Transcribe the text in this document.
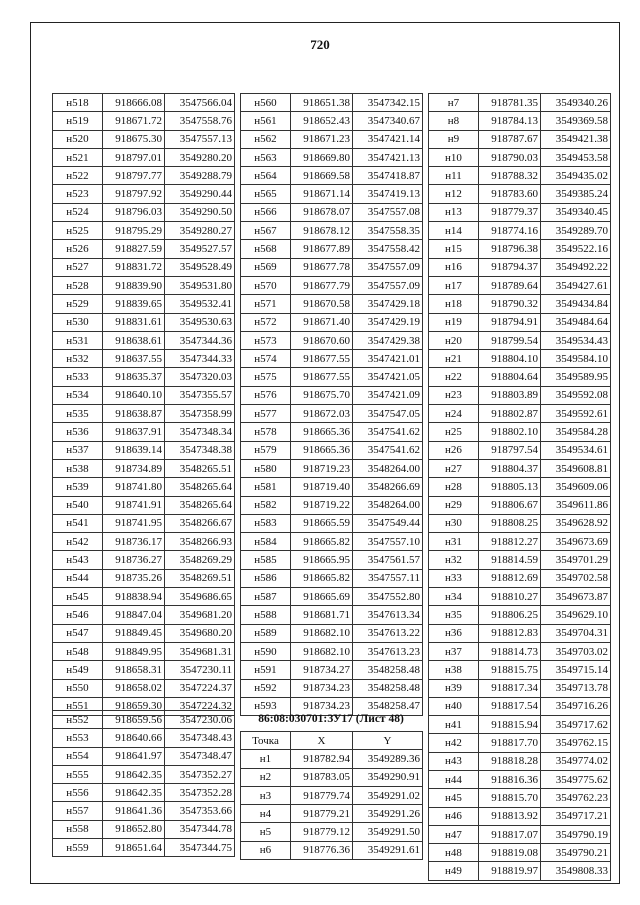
720
н518	918666.08	3547566.04
н519	918671.72	3547558.76
н520	918675.30	3547557.13
н521	918797.01	3549280.20
н522	918797.77	3549288.79
н523	918797.92	3549290.44
н524	918796.03	3549290.50
н525	918795.29	3549280.27
н526	918827.59	3549527.57
н527	918831.72	3549528.49
н528	918839.90	3549531.80
н529	918839.65	3549532.41
н530	918831.61	3549530.63
н531	918638.61	3547344.36
н532	918637.55	3547344.33
н533	918635.37	3547320.03
н534	918640.10	3547355.57
н535	918638.87	3547358.99
н536	918637.91	3547348.34
н537	918639.14	3547348.38
н538	918734.89	3548265.51
н539	918741.80	3548265.64
н540	918741.91	3548265.64
н541	918741.95	3548266.67
н542	918736.17	3548266.93
н543	918736.27	3548269.29
н544	918735.26	3548269.51
н545	918838.94	3549686.65
н546	918847.04	3549681.20
н547	918849.45	3549680.20
н548	918849.95	3549681.31
н549	918658.31	3547230.11
н550	918658.02	3547224.37
н551	918659.30	3547224.32
н552	918659.56	3547230.06
н553	918640.66	3547348.43
н554	918641.97	3547348.47
н555	918642.35	3547352.27
н556	918642.35	3547352.28
н557	918641.36	3547353.66
н558	918652.80	3547344.78
н559	918651.64	3547344.75
н560	918651.38	3547342.15
н561	918652.43	3547340.67
н562	918671.23	3547421.14
н563	918669.80	3547421.13
н564	918669.58	3547418.87
н565	918671.14	3547419.13
н566	918678.07	3547557.08
н567	918678.12	3547558.35
н568	918677.89	3547558.42
н569	918677.78	3547557.09
н570	918677.79	3547557.09
н571	918670.58	3547429.18
н572	918671.40	3547429.19
н573	918670.60	3547429.38
н574	918677.55	3547421.01
н575	918677.55	3547421.05
н576	918675.70	3547421.09
н577	918672.03	3547547.05
н578	918665.36	3547541.62
н579	918665.36	3547541.62
н580	918719.23	3548264.00
н581	918719.40	3548266.69
н582	918719.22	3548264.00
н583	918665.59	3547549.44
н584	918665.82	3547557.10
н585	918665.95	3547561.57
н586	918665.82	3547557.11
н587	918665.69	3547552.80
н588	918681.71	3547613.34
н589	918682.10	3547613.22
н590	918682.10	3547613.23
н591	918734.27	3548258.48
н592	918734.23	3548258.48
н593	918734.23	3548258.47
86:08:030701:ЗУ17 (Лист 48)
Точка	X	Y
н1	918782.94	3549289.36
н2	918783.05	3549290.91
н3	918779.74	3549291.02
н4	918779.21	3549291.26
н5	918779.12	3549291.50
н6	918776.36	3549291.61
н7	918781.35	3549340.26
н8	918784.13	3549369.58
н9	918787.67	3549421.38
н10	918790.03	3549453.58
н11	918788.32	3549435.02
н12	918783.60	3549385.24
н13	918779.37	3549340.45
н14	918774.16	3549289.70
н15	918796.38	3549522.16
н16	918794.37	3549492.22
н17	918789.64	3549427.61
н18	918790.32	3549434.84
н19	918794.91	3549484.64
н20	918799.54	3549534.43
н21	918804.10	3549584.10
н22	918804.64	3549589.95
н23	918803.89	3549592.08
н24	918802.87	3549592.61
н25	918802.10	3549584.28
н26	918797.54	3549534.61
н27	918804.37	3549608.81
н28	918805.13	3549609.06
н29	918806.67	3549611.86
н30	918808.25	3549628.92
н31	918812.27	3549673.69
н32	918814.59	3549701.29
н33	918812.69	3549702.58
н34	918810.27	3549673.87
н35	918806.25	3549629.10
н36	918812.83	3549704.31
н37	918814.73	3549703.02
н38	918815.75	3549715.14
н39	918817.34	3549713.78
н40	918817.54	3549716.26
н41	918815.94	3549717.62
н42	918817.70	3549762.15
н43	918818.28	3549774.02
н44	918816.36	3549775.62
н45	918815.70	3549762.23
н46	918813.92	3549717.21
н47	918817.07	3549790.19
н48	918819.08	3549790.21
н49	918819.97	3549808.33
